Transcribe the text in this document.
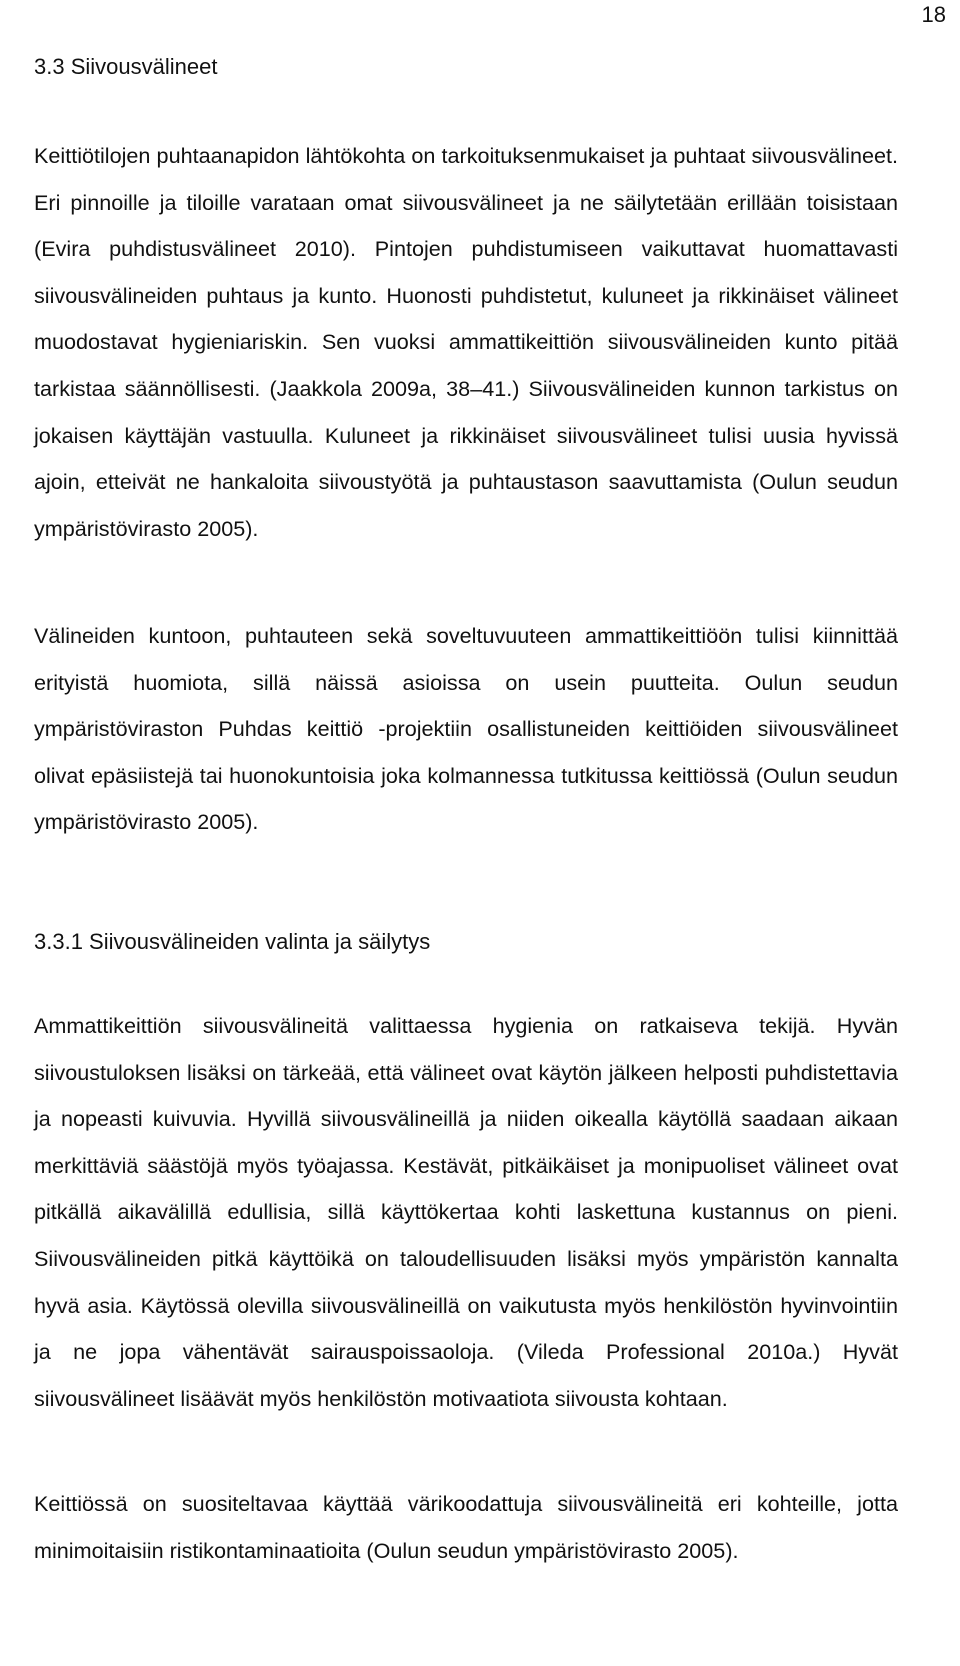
18
3.3 Siivousvälineet

Keittiötilojen puhtaanapidon lähtökohta on tarkoituksenmukaiset ja puhtaat siivousvälineet. Eri pinnoille ja tiloille varataan omat siivousvälineet ja ne säilytetään erillään toisistaan (Evira puhdistusvälineet 2010). Pintojen puhdistumiseen vaikuttavat huomattavasti siivousvälineiden puhtaus ja kunto. Huonosti puhdistetut, kuluneet ja rikkinäiset välineet muodostavat hygieniariskin. Sen vuoksi ammattikeittiön siivousvälineiden kunto pitää tarkistaa säännöllisesti. (Jaakkola 2009a, 38–41.) Siivousvälineiden kunnon tarkistus on jokaisen käyttäjän vastuulla. Kuluneet ja rikkinäiset siivousvälineet tulisi uusia hyvissä ajoin, etteivät ne hankaloita siivoustyötä ja puhtaustason saavuttamista (Oulun seudun ympäristövirasto 2005).

Välineiden kuntoon, puhtauteen sekä soveltuvuuteen ammattikeittiöön tulisi kiinnittää erityistä huomiota, sillä näissä asioissa on usein puutteita. Oulun seudun ympäristöviraston Puhdas keittiö -projektiin osallistuneiden keittiöiden siivousvälineet olivat epäsiistejä tai huonokuntoisia joka kolmannessa tutkitussa keittiössä (Oulun seudun ympäristövirasto 2005).

3.3.1 Siivousvälineiden valinta ja säilytys

Ammattikeittiön siivousvälineitä valittaessa hygienia on ratkaiseva tekijä. Hyvän siivoustuloksen lisäksi on tärkeää, että välineet ovat käytön jälkeen helposti puhdistettavia ja nopeasti kuivuvia. Hyvillä siivousvälineillä ja niiden oikealla käytöllä saadaan aikaan merkittäviä säästöjä myös työajassa. Kestävät, pitkäikäiset ja monipuoliset välineet ovat pitkällä aikavälillä edullisia, sillä käyttökertaa kohti laskettuna kustannus on pieni. Siivousvälineiden pitkä käyttöikä on taloudellisuuden lisäksi myös ympäristön kannalta hyvä asia. Käytössä olevilla siivousvälineillä on vaikutusta myös henkilöstön hyvinvointiin ja ne jopa vähentävät sairauspoissaoloja. (Vileda Professional 2010a.) Hyvät siivousvälineet lisäävät myös henkilöstön motivaatiota siivousta kohtaan.

Keittiössä on suositeltavaa käyttää värikoodattuja siivousvälineitä eri kohteille, jotta minimoitaisiin ristikontaminaatioita (Oulun seudun ympäristövirasto 2005).
